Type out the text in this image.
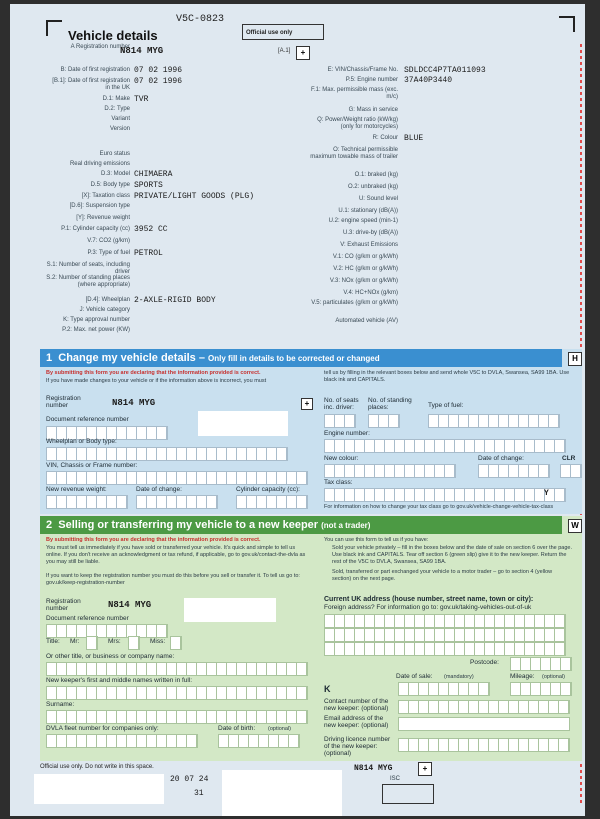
Vehicle details
V5C-0823
Official use only
[A.1]	+
A Registration number
N814 MYG
B: Date of first registration 07 02 1996
[B.1]: Date of first registration in the UK
07 02 1996
D.1: Make TVR
D.2: Type
Variant
Version
Euro status
Real driving emissions
D.3: Model CHIMAERA
D.5: Body type SPORTS
[X]: Taxation class PRIVATE/LIGHT GOODS (PLG)
[D.6]: Suspension type
[Y]: Revenue weight
P.1: Cylinder capacity (cc) 3952 CC
V.7: CO2 (g/km)
P.3: Type of fuel PETROL
S.1: Number of seats, including driver
S.2: Number of standing places (where appropriate)
[D.4]: Wheelplan 2-AXLE-RIGID BODY
J: Vehicle category
K: Type approval number
P.2: Max. net power (KW)
E: VIN/Chassis/Frame No. SDLDCC4P7TA011093
P.5: Engine number 37A40P3440
F.1: Max. permissible mass (exc. m/c)
G: Mass in service
Q: Power/Weight ratio (kW/kg) (only for motorcycles)
R: Colour BLUE
O: Technical permissible maximum towable mass of trailer
O.1: braked (kg)
O.2: unbraked (kg)
U: Sound level
U.1: stationary (dB(A))
U.2: engine speed (min-1)
U.3: drive-by (dB(A))
V: Exhaust Emissions
V.1: CO (g/km or g/kWh)
V.2: HC (g/km or g/kWh)
V.3: NOx (g/km or g/kWh)
V.4: HC+NOx (g/km)
V.5: particulates (g/km or g/kWh)
Automated vehicle (AV)
1 Change my vehicle details – Only fill in details to be corrected or changed	H
By submitting this form you are declaring that the information provided is correct.
If you have made changes to your vehicle or if the information above is incorrect, you must
tell us by filling in the relevant boxes below and send whole V5C to DVLA, Swansea, SA99 1BA. Use black ink and CAPITALS.
Registration number	N814 MYG	+
Document reference number
Wheelplan or Body type:
VIN, Chassis or Frame number:
New revenue weight:	Date of change:	Cylinder capacity (cc):
No. of seats inc. driver:
No. of standing places:	Type of fuel:
Engine number:
New colour:	Date of change:	CLR
Tax class:
Y
For information on how to change your tax class go to gov.uk/vehicle-change-vehicle-tax-class
2 Selling or transferring my vehicle to a new keeper (not a trader)	W
By submitting this form you are declaring that the information provided is correct.
You must tell us immediately if you have sold or transferred your vehicle. It's quick and simple to tell us online. If you don't receive an acknowledgment or tax refund, if applicable, go to gov.uk/contact-the-dvla as you may still be liable.
If you want to keep the registration number you must do this before you sell or transfer it. To tell us go to: gov.uk/keep-registration-number
You can use this form to tell us if you have:
Sold your vehicle privately – fill in the boxes below and the date of sale on section 6 over the page. Use black ink and CAPITALS. Tear off section 6 (green slip) give it to the new keeper. Return the rest of the V5C to DVLA, Swansea, SA99 1BA.
Sold, transferred or part exchanged your vehicle to a motor trader – go to section 4 (yellow section) on the next page.
Registration number	N814 MYG
Document reference number
Title: Mr:	Mrs:	Miss:
Or other title, or business or company name:
New keeper's first and middle names written in full:
Surname:
DVLA fleet number for companies only:	Date of birth: (optional)
Current UK address (house number, street name, town or city):
Foreign address? For information go to: gov.uk/taking-vehicles-out-of-uk
Postcode:
Date of sale: (mandatory)	Mileage: (optional)
K
Contact number of the new keeper: (optional)
Email address of the new keeper: (optional)
Driving licence number of the new keeper: (optional)
Official use only. Do not write in this space.
20 07 24
31
N814 MYG	+
ISC
